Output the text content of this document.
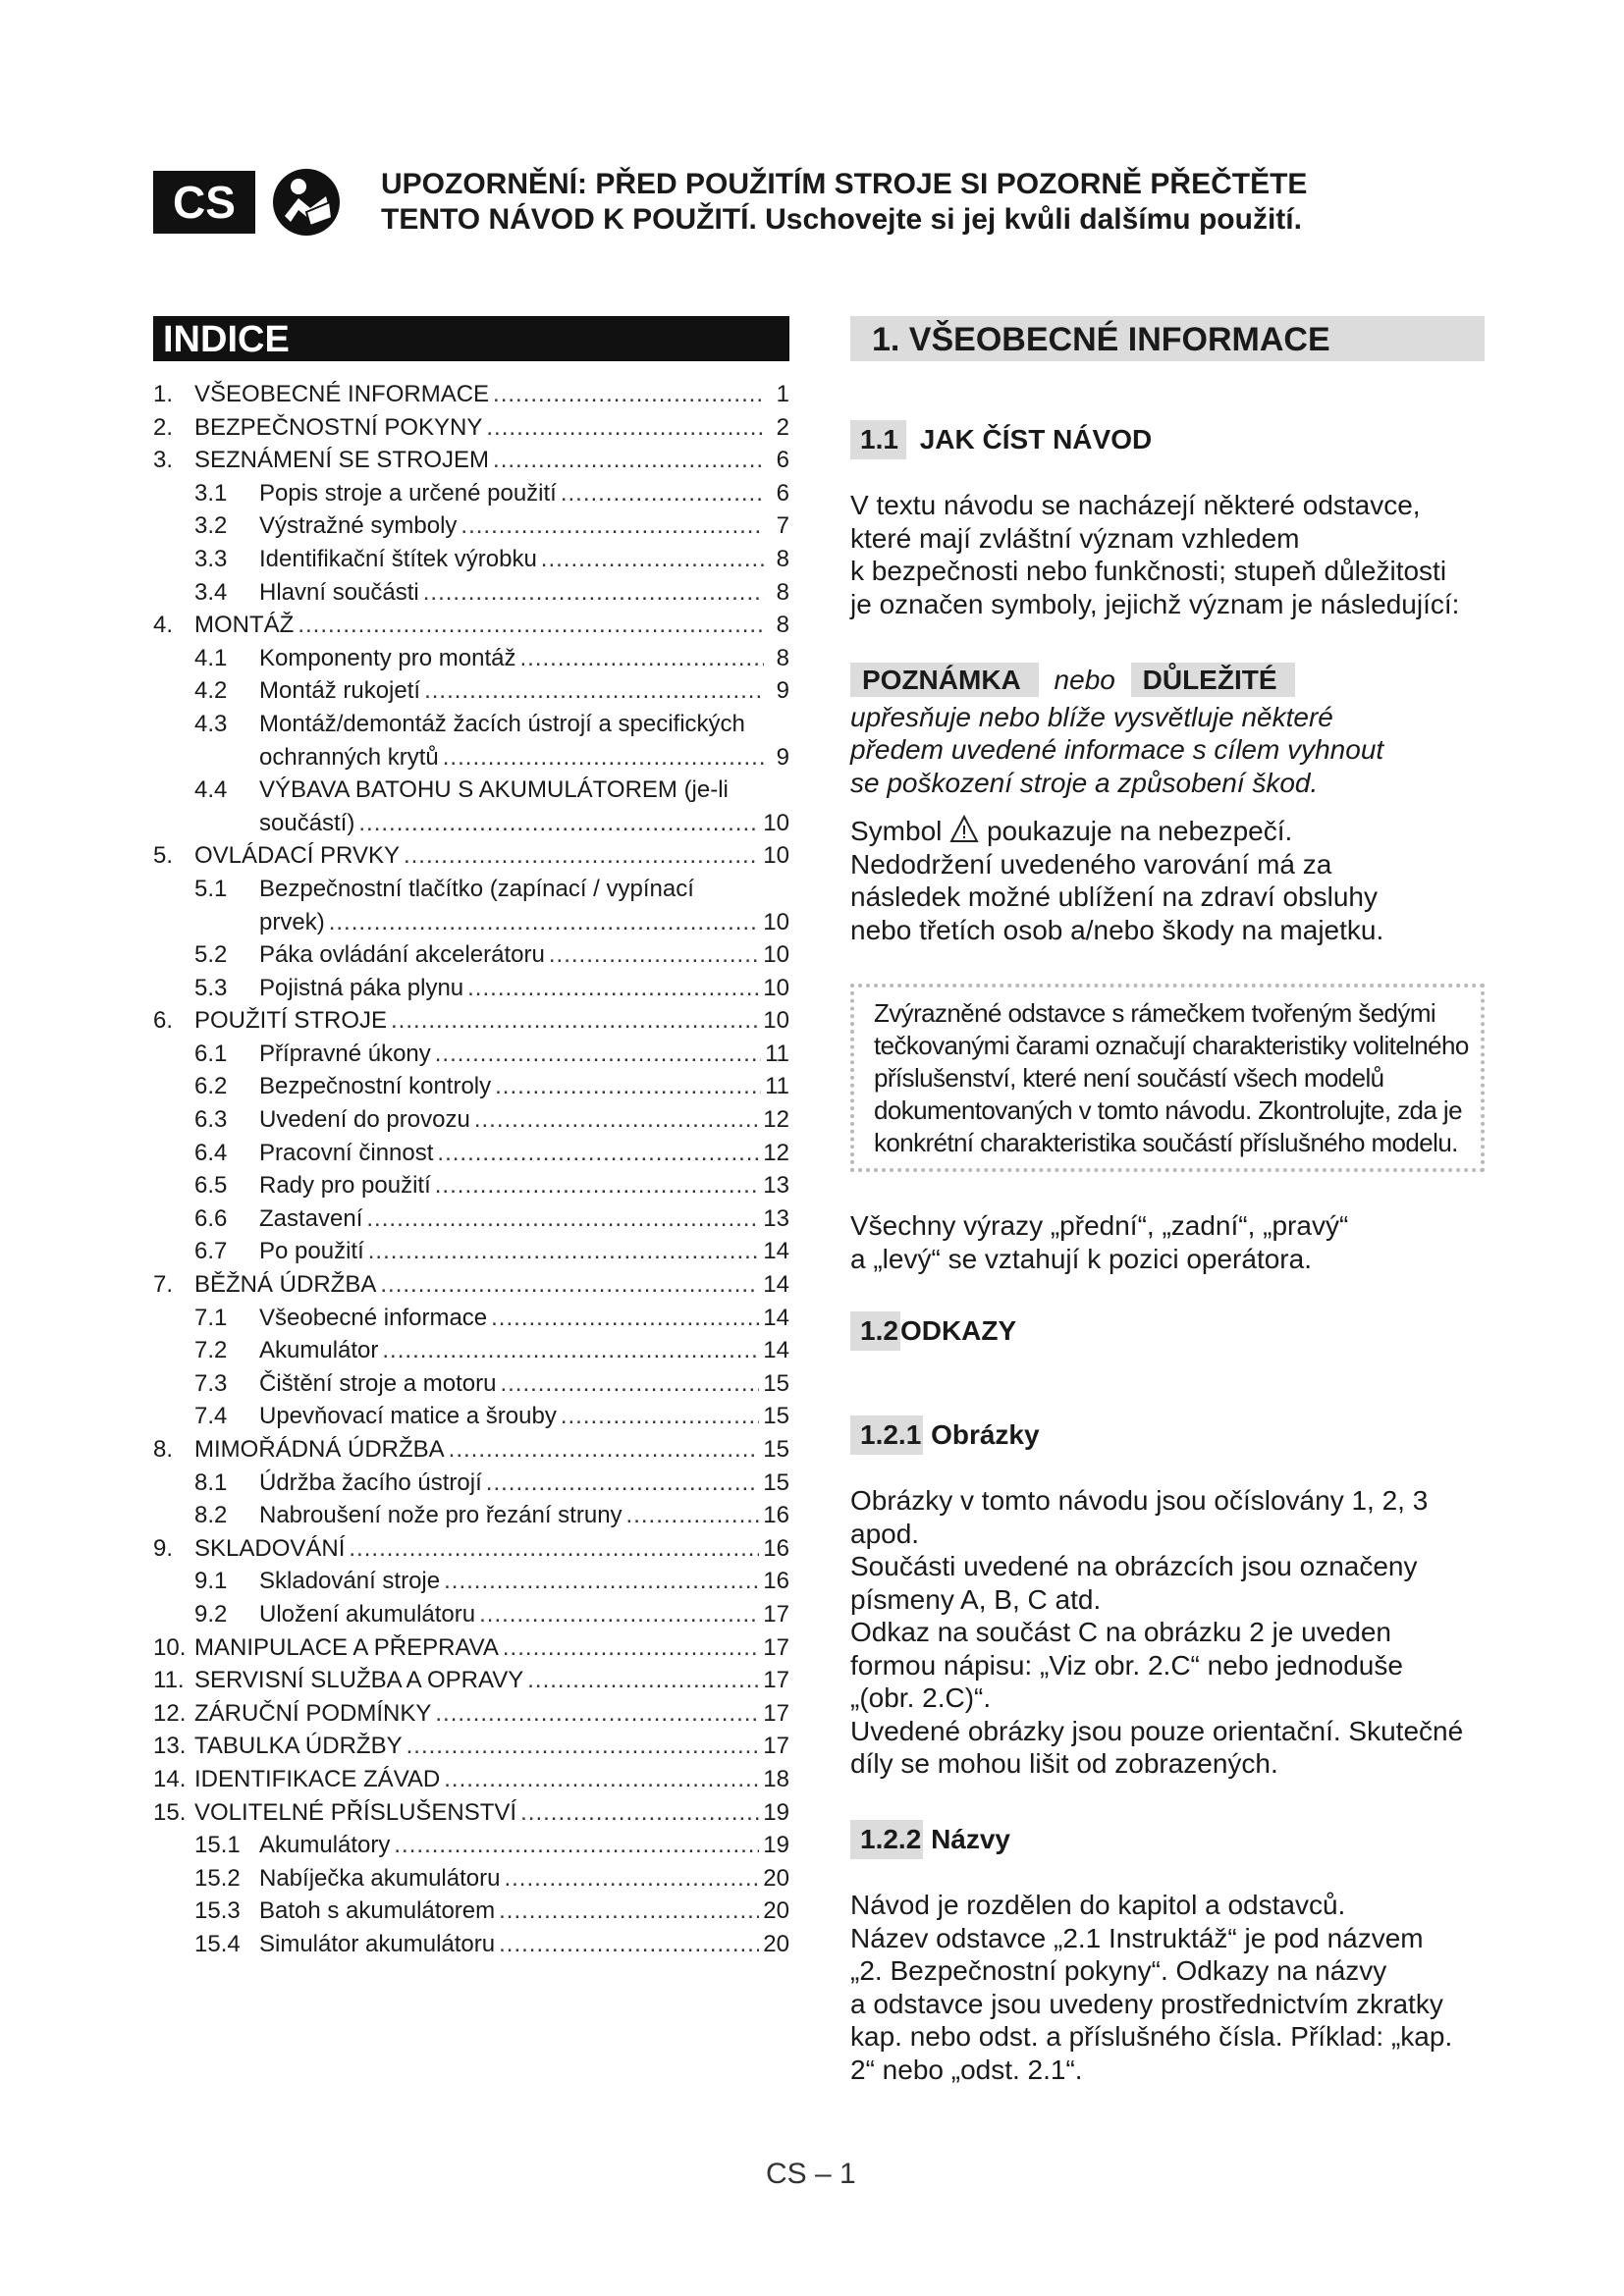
CS	UPOZORNĚNÍ: PŘED POUŽITÍM STROJE SI POZORNĚ PŘEČTĚTE
TENTO NÁVOD K POUŽITÍ. Uschovejte si jej kvůli dalšímu použití.
INDICE
1. VŠEOBECNÉ INFORMACE .....	1
2. BEZPEČNOSTNÍ POKYNY .....	2
3. SEZNÁMENÍ SE STROJEM .....	6
3.1	Popis stroje a určené použití .....	6
3.2	Výstražné symboly .....	7
3.3	Identifikační štítek výrobku .....	8
3.4	Hlavní součásti .....	8
4. MONTÁŽ .....	8
4.1	Komponenty pro montáž .....	8
4.2	Montáž rukojetí .....	9
4.3	Montáž/demontáž žacích ústrojí a specifických
ochranných krytů .....	9
4.4	VÝBAVA BATOHU S AKUMULÁTOREM (je-li
součástí) .....	10
5. OVLÁDACÍ PRVKY .....	10
5.1	Bezpečnostní tlačítko (zapínací / vypínací
prvek) .....	10
5.2	Páka ovládání akcelerátoru .....	10
5.3	Pojistná páka plynu .....	10
6. POUŽITÍ STROJE .....	10
6.1	Přípravné úkony .....	11
6.2	Bezpečnostní kontroly .....	11
6.3	Uvedení do provozu .....	12
6.4	Pracovní činnost .....	12
6.5	Rady pro použití .....	13
6.6	Zastavení .....	13
6.7	Po použití .....	14
7. BĚŽNÁ ÚDRŽBA .....	14
7.1	Všeobecné informace .....	14
7.2	Akumulátor .....	14
7.3	Čištění stroje a motoru .....	15
7.4	Upevňovací matice a šrouby .....	15
8. MIMOŘÁDNÁ ÚDRŽBA .....	15
8.1	Údržba žacího ústrojí .....	15
8.2	Nabroušení nože pro řezání struny .....	16
9. SKLADOVÁNÍ .....	16
9.1	Skladování stroje .....	16
9.2	Uložení akumulátoru .....	17
10. MANIPULACE A PŘEPRAVA .....	17
11. SERVISNÍ SLUŽBA A OPRAVY .....	17
12. ZÁRUČNÍ PODMÍNKY .....	17
13. TABULKA ÚDRŽBY .....	17
14. IDENTIFIKACE ZÁVAD .....	18
15. VOLITELNÉ PŘÍSLUŠENSTVÍ .....	19
15.1 Akumulátory .....	19
15.2 Nabíječka akumulátoru .....	20
15.3 Batoh s akumulátorem .....	20
15.4 Simulátor akumulátoru .....	20
1. VŠEOBECNÉ INFORMACE
1.1 JAK ČÍST NÁVOD

V textu návodu se nacházejí některé odstavce,

které mají zvláštní význam vzhledem

k bezpečnosti nebo funkčnosti; stupeň důležitosti

je označen symboly, jejichž význam je následující:

POZNÁMKA nebo DŮLEŽITÉ

upřesňuje nebo blíže vysvětluje některé

předem uvedené informace s cílem vyhnout

se poškození stroje a způsobení škod.

Symbol poukazuje na nebezpečí.

Nedodržení uvedeného varování má za

následek možné ublížení na zdraví obsluhy

nebo třetích osob a/nebo škody na majetku.

Zvýrazněné odstavce s rámečkem tvořeným šedými
tečkovanými čarami označují charakteristiky volitelného
příslušenství, které není součástí všech modelů
dokumentovaných v tomto návodu. Zkontrolujte, zda je
konkrétní charakteristika součástí příslušného modelu.

Všechny výrazy „přední“, „zadní“, „pravý“

a „levý“ se vztahují k pozici operátora.

1.2ODKAZY
1.2.1 Obrázky

Obrázky v tomto návodu jsou očíslovány 1, 2, 3

apod.

Součásti uvedené na obrázcích jsou označeny

písmeny A, B, C atd.

Odkaz na součást C na obrázku 2 je uveden

formou nápisu: „Viz obr. 2.C“ nebo jednoduše

„(obr. 2.C)“.

Uvedené obrázky jsou pouze orientační. Skutečné

díly se mohou lišit od zobrazených.

1.2.2 Názvy

Návod je rozdělen do kapitol a odstavců.

Název odstavce „2.1 Instruktáž“ je pod názvem

„2. Bezpečnostní pokyny“. Odkazy na názvy

a odstavce jsou uvedeny prostřednictvím zkratky

kap. nebo odst. a příslušného čísla. Příklad: „kap.

2“ nebo „odst. 2.1“.

CS – 1
